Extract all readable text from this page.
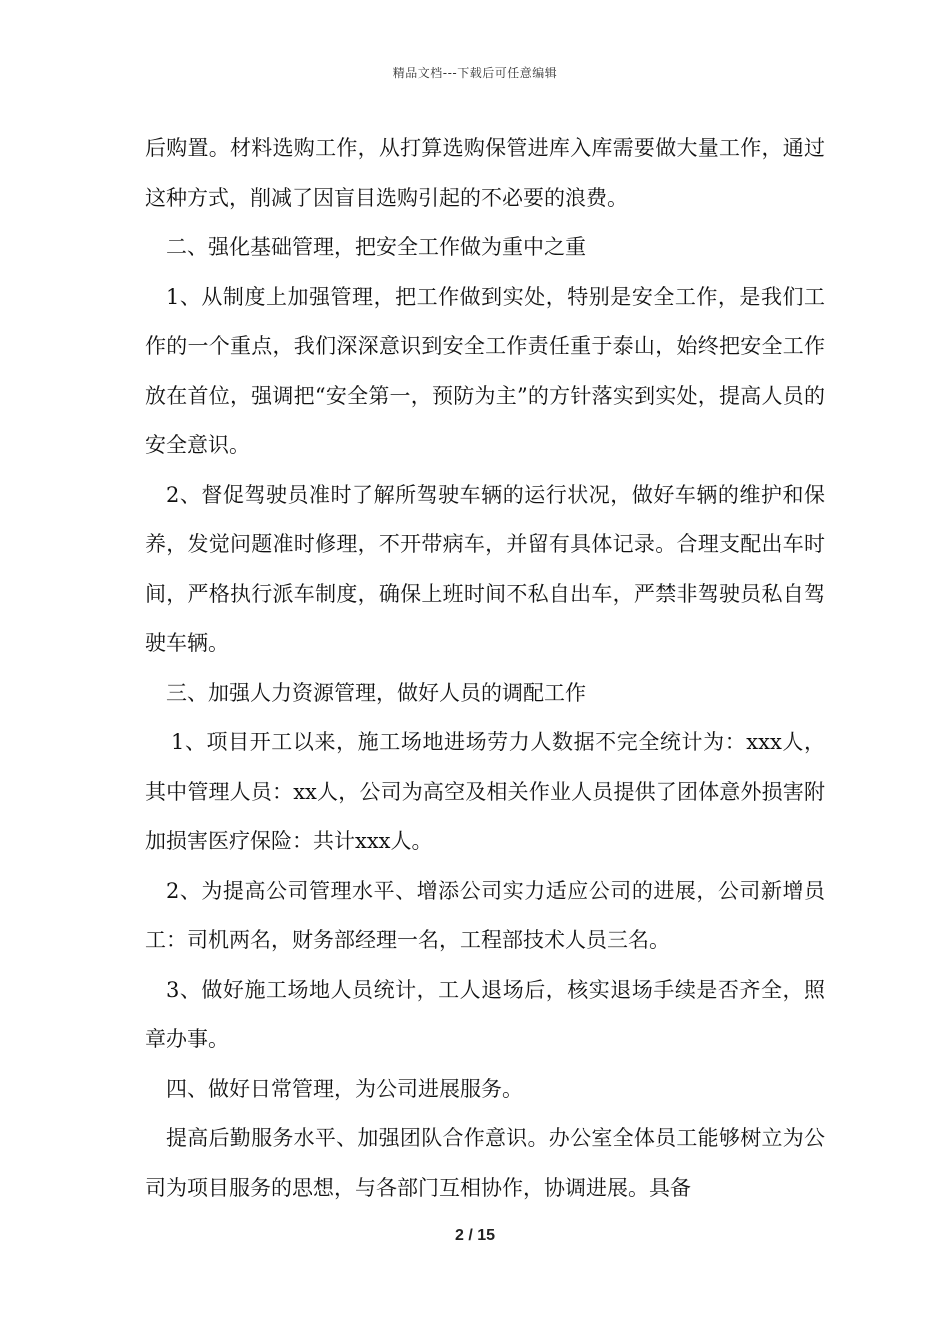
精品文档---下载后可任意编辑

后购置。材料选购工作，从打算选购保管进库入库需要做大量工作，通过这种方式，削减了因盲目选购引起的不必要的浪费。

二、强化基础管理，把安全工作做为重中之重

1、从制度上加强管理，把工作做到实处，特别是安全工作，是我们工作的一个重点，我们深深意识到安全工作责任重于泰山，始终把安全工作放在首位，强调把“安全第一，预防为主”的方针落实到实处，提高人员的安全意识。

2、督促驾驶员准时了解所驾驶车辆的运行状况，做好车辆的维护和保养，发觉问题准时修理，不开带病车，并留有具体记录。合理支配出车时间，严格执行派车制度，确保上班时间不私自出车，严禁非驾驶员私自驾驶车辆。

三、加强人力资源管理，做好人员的调配工作

1、项目开工以来，施工场地进场劳力人数据不完全统计为：xxx人，其中管理人员：xx人，公司为高空及相关作业人员提供了团体意外损害附加损害医疗保险：共计xxx人。

2、为提高公司管理水平、增添公司实力适应公司的进展，公司新增员工：司机两名，财务部经理一名，工程部技术人员三名。

3、做好施工场地人员统计，工人退场后，核实退场手续是否齐全，照章办事。

四、做好日常管理，为公司进展服务。

提高后勤服务水平、加强团队合作意识。办公室全体员工能够树立为公司为项目服务的思想，与各部门互相协作，协调进展。具备

2 / 15
